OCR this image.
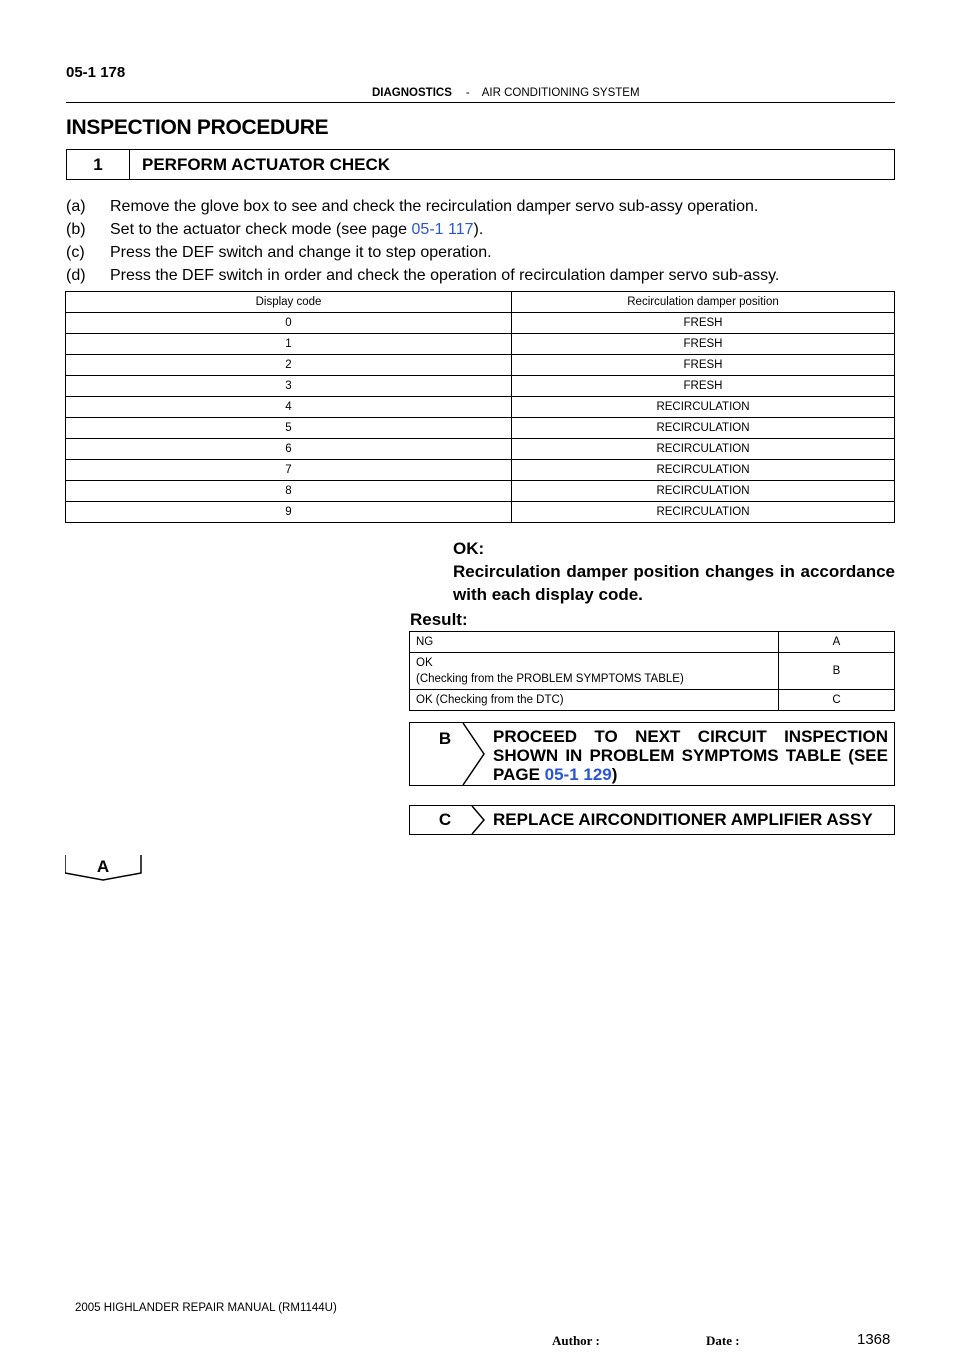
05-1 178
DIAGNOSTICS - AIR CONDITIONING SYSTEM
INSPECTION PROCEDURE
1	PERFORM ACTUATOR CHECK
(a) Remove the glove box to see and check the recirculation damper servo sub-assy operation.
(b) Set to the actuator check mode (see page 05-1 117).
(c) Press the DEF switch and change it to step operation.
(d) Press the DEF switch in order and check the operation of recirculation damper servo sub-assy.
Display code	Recirculation damper position
0	FRESH
1	FRESH
2	FRESH
3	FRESH
4	RECIRCULATION
5	RECIRCULATION
6	RECIRCULATION
7	RECIRCULATION
8	RECIRCULATION
9	RECIRCULATION
OK:
Recirculation damper position changes in accordance with each display code.
Result:
NG	A

OK
(Checking from the PROBLEM SYMPTOMS TABLE)	B
OK (Checking from the DTC)	C
B	PROCEED TO NEXT CIRCUIT INSPECTION SHOWN IN PROBLEM SYMPTOMS TABLE (SEE PAGE 05-1 129)
C	REPLACE AIRCONDITIONER AMPLIFIER ASSY
A
2005 HIGHLANDER REPAIR MANUAL (RM1144U)
Author :	Date :	1368
